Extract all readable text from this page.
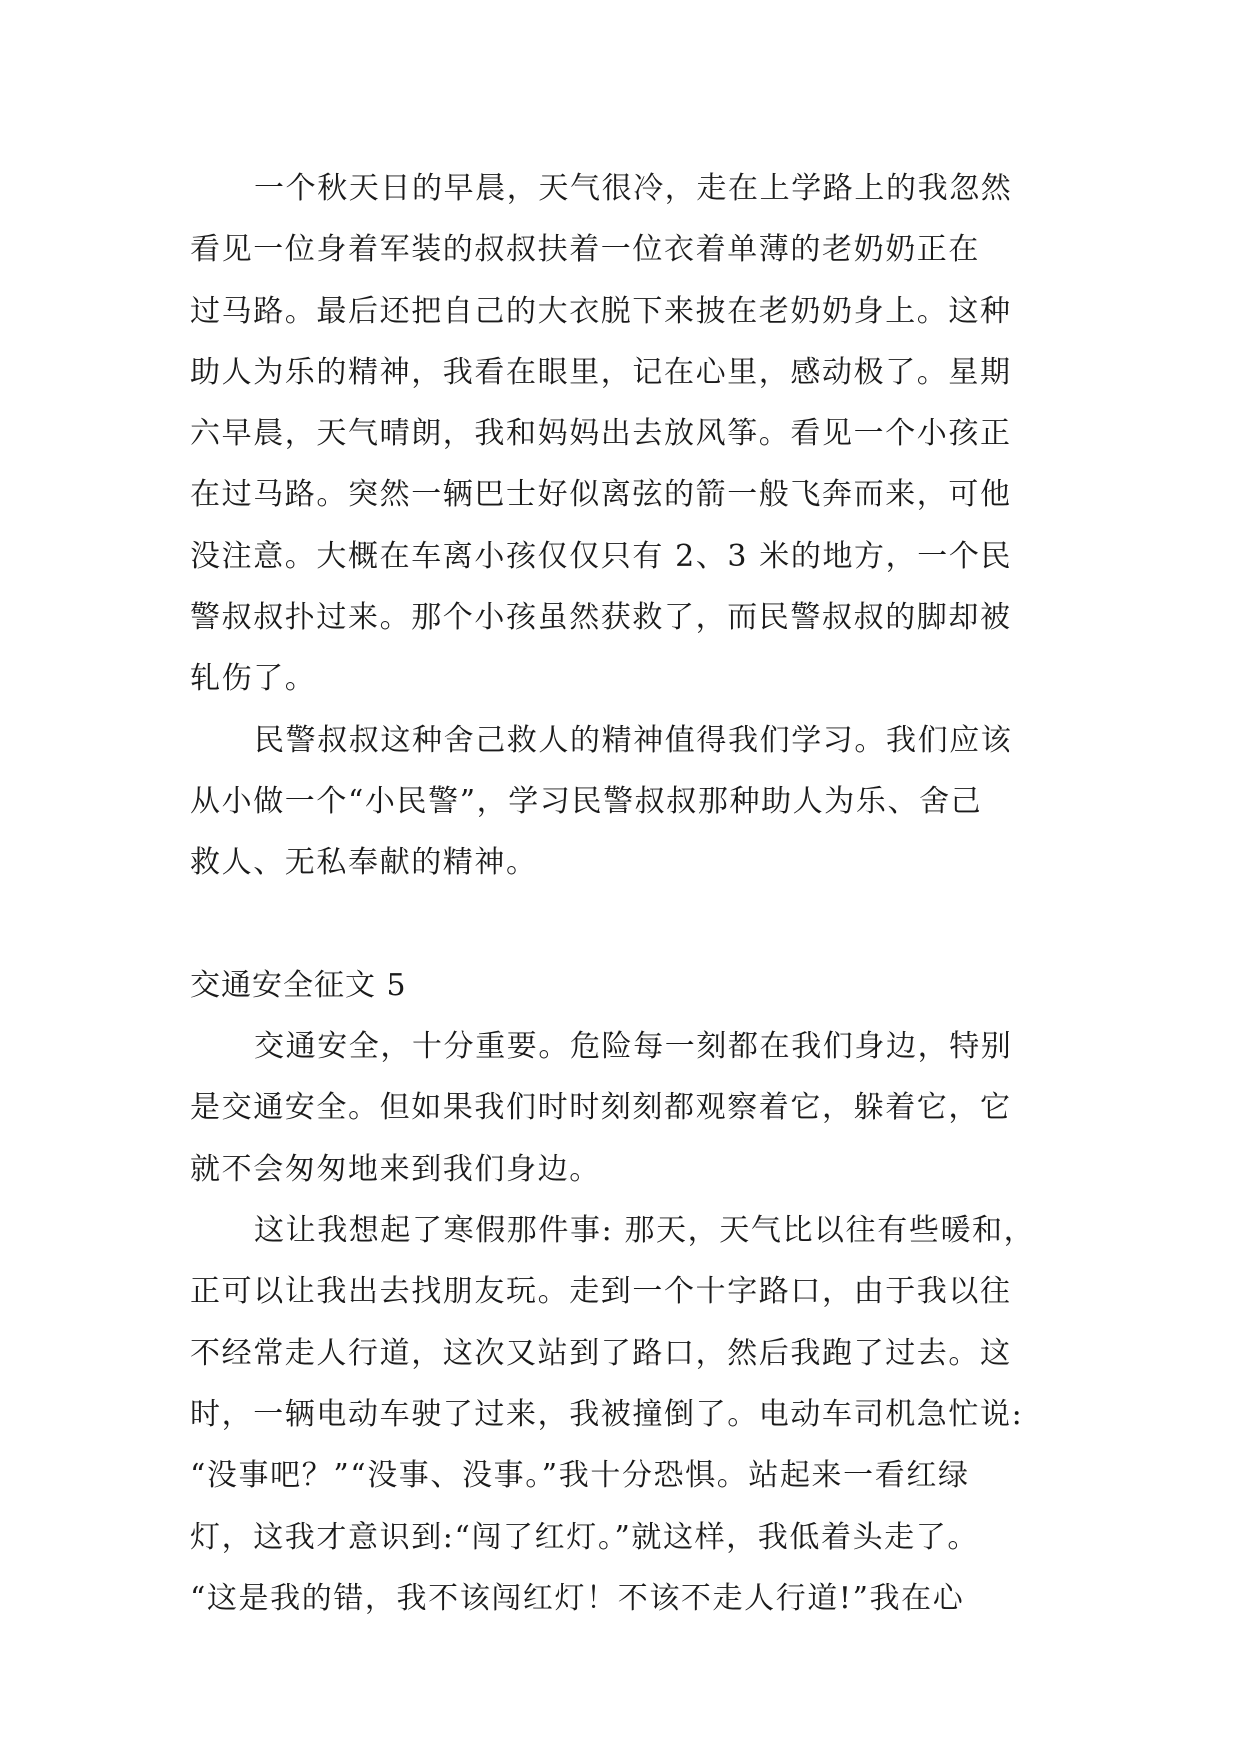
一个秋天日的早晨，天气很冷，走在上学路上的我忽然
看见一位身着军装的叔叔扶着一位衣着单薄的老奶奶正在
过马路。最后还把自己的大衣脱下来披在老奶奶身上。这种
助人为乐的精神，我看在眼里，记在心里，感动极了。星期
六早晨，天气晴朗，我和妈妈出去放风筝。看见一个小孩正
在过马路。突然一辆巴士好似离弦的箭一般飞奔而来，可他
没注意。大概在车离小孩仅仅只有 2、3 米的地方，一个民
警叔叔扑过来。那个小孩虽然获救了，而民警叔叔的脚却被
轧伤了。
民警叔叔这种舍己救人的精神值得我们学习。我们应该
从小做一个“小民警”，学习民警叔叔那种助人为乐、舍己
救人、无私奉献的精神。
交通安全征文 5
交通安全，十分重要。危险每一刻都在我们身边，特别
是交通安全。但如果我们时时刻刻都观察着它，躲着它，它
就不会匆匆地来到我们身边。
这让我想起了寒假那件事: 那天，天气比以往有些暖和，
正可以让我出去找朋友玩。走到一个十字路口，由于我以往
不经常走人行道，这次又站到了路口，然后我跑了过去。这
时，一辆电动车驶了过来，我被撞倒了。电动车司机急忙说:
“没事吧？”“没事、没事。”我十分恐惧。站起来一看红绿
灯，这我才意识到:“闯了红灯。”就这样，我低着头走了。
“这是我的错，我不该闯红灯！不该不走人行道!”我在心
